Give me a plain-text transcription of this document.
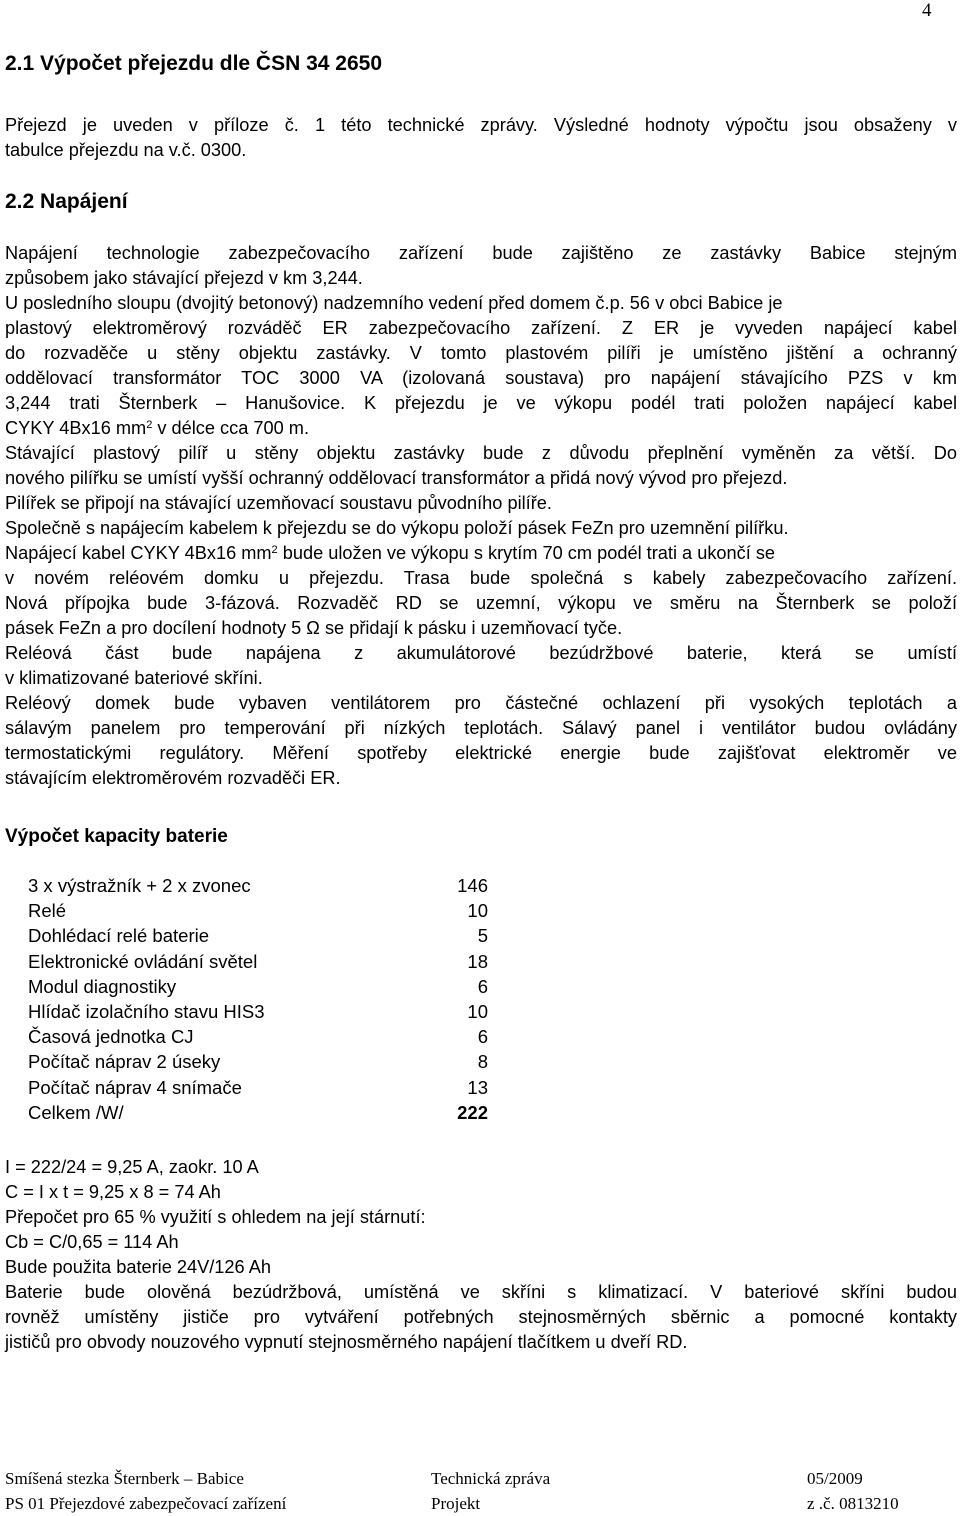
4
2.1 Výpočet přejezdu dle ČSN 34 2650
Přejezd je uveden v příloze č. 1 této technické zprávy. Výsledné hodnoty výpočtu jsou obsaženy v
tabulce přejezdu na v.č. 0300.
2.2 Napájení
Napájení technologie zabezpečovacího zařízení bude zajištěno ze zastávky Babice stejným
způsobem jako stávající přejezd v km 3,244.
U posledního sloupu (dvojitý betonový) nadzemního vedení před domem č.p. 56 v obci Babice je
plastový elektroměrový rozváděč ER zabezpečovacího zařízení. Z ER je vyveden napájecí kabel
do rozvaděče u stěny objektu zastávky. V tomto plastovém pilíři je umístěno jištění a ochranný
oddělovací transformátor TOC 3000 VA (izolovaná soustava) pro napájení stávajícího PZS v km
3,244 trati Šternberk – Hanušovice. K přejezdu je ve výkopu podél trati položen napájecí kabel
CYKY 4Bx16 $mm^2$ v délce cca 700 m.
Stávající plastový pilíř u stěny objektu zastávky bude z důvodu přeplnění vyměněn za větší. Do
nového pilířku se umístí vyšší ochranný oddělovací transformátor a přidá nový vývod pro přejezd.
Pilířek se připojí na stávající uzemňovací soustavu původního pilíře.
Společně s napájecím kabelem k přejezdu se do výkopu položí pásek FeZn pro uzemnění pilířku.
Napájecí kabel CYKY 4Bx16 $mm^2$ bude uložen ve výkopu s krytím 70 cm podél trati a ukončí se
v novém reléovém domku u přejezdu. Trasa bude společná s kabely zabezpečovacího zařízení.
Nová přípojka bude 3-fázová. Rozvaděč RD se uzemní, výkopu ve směru na Šternberk se položí
pásek FeZn a pro docílení hodnoty 5 Ω se přidají k pásku i uzemňovací tyče.
Reléová část bude napájena z akumulátorové bezúdržbové baterie, která se umístí
v klimatizované bateriové skříni.
Reléový domek bude vybaven ventilátorem pro částečné ochlazení při vysokých teplotách a
sálavým panelem pro temperování při nízkých teplotách. Sálavý panel i ventilátor budou ovládány
termostatickými regulátory. Měření spotřeby elektrické energie bude zajišťovat elektroměr ve
stávajícím elektroměrovém rozvaděči ER.
Výpočet kapacity baterie
3 x výstražník + 2 x zvonec	146
Relé	10
Dohlédací relé baterie	5
Elektronické ovládání světel	18
Modul diagnostiky	6
Hlídač izolačního stavu HIS3	10
Časová jednotka CJ	6
Počítač náprav 2 úseky	8
Počítač náprav 4 snímače	13
Celkem /W/	222
I = 222/24 = 9,25 A, zaokr. 10 A
C = I x t = 9,25 x 8 = 74 Ah
Přepočet pro 65 % využití s ohledem na její stárnutí:
Cb = C/0,65 = 114 Ah
Bude použita baterie 24V/126 Ah
Baterie bude olověná bezúdržbová, umístěná ve skříni s klimatizací. V bateriové skříni budou
rovněž umístěny jističe pro vytváření potřebných stejnosměrných sběrnic a pomocné kontakty
jističů pro obvody nouzového vypnutí stejnosměrného napájení tlačítkem u dveří RD.
Smíšená stezka Šternberk – Babice	Technická zpráva	05/2009
PS 01 Přejezdové zabezpečovací zařízení	Projekt	z .č. 0813210
